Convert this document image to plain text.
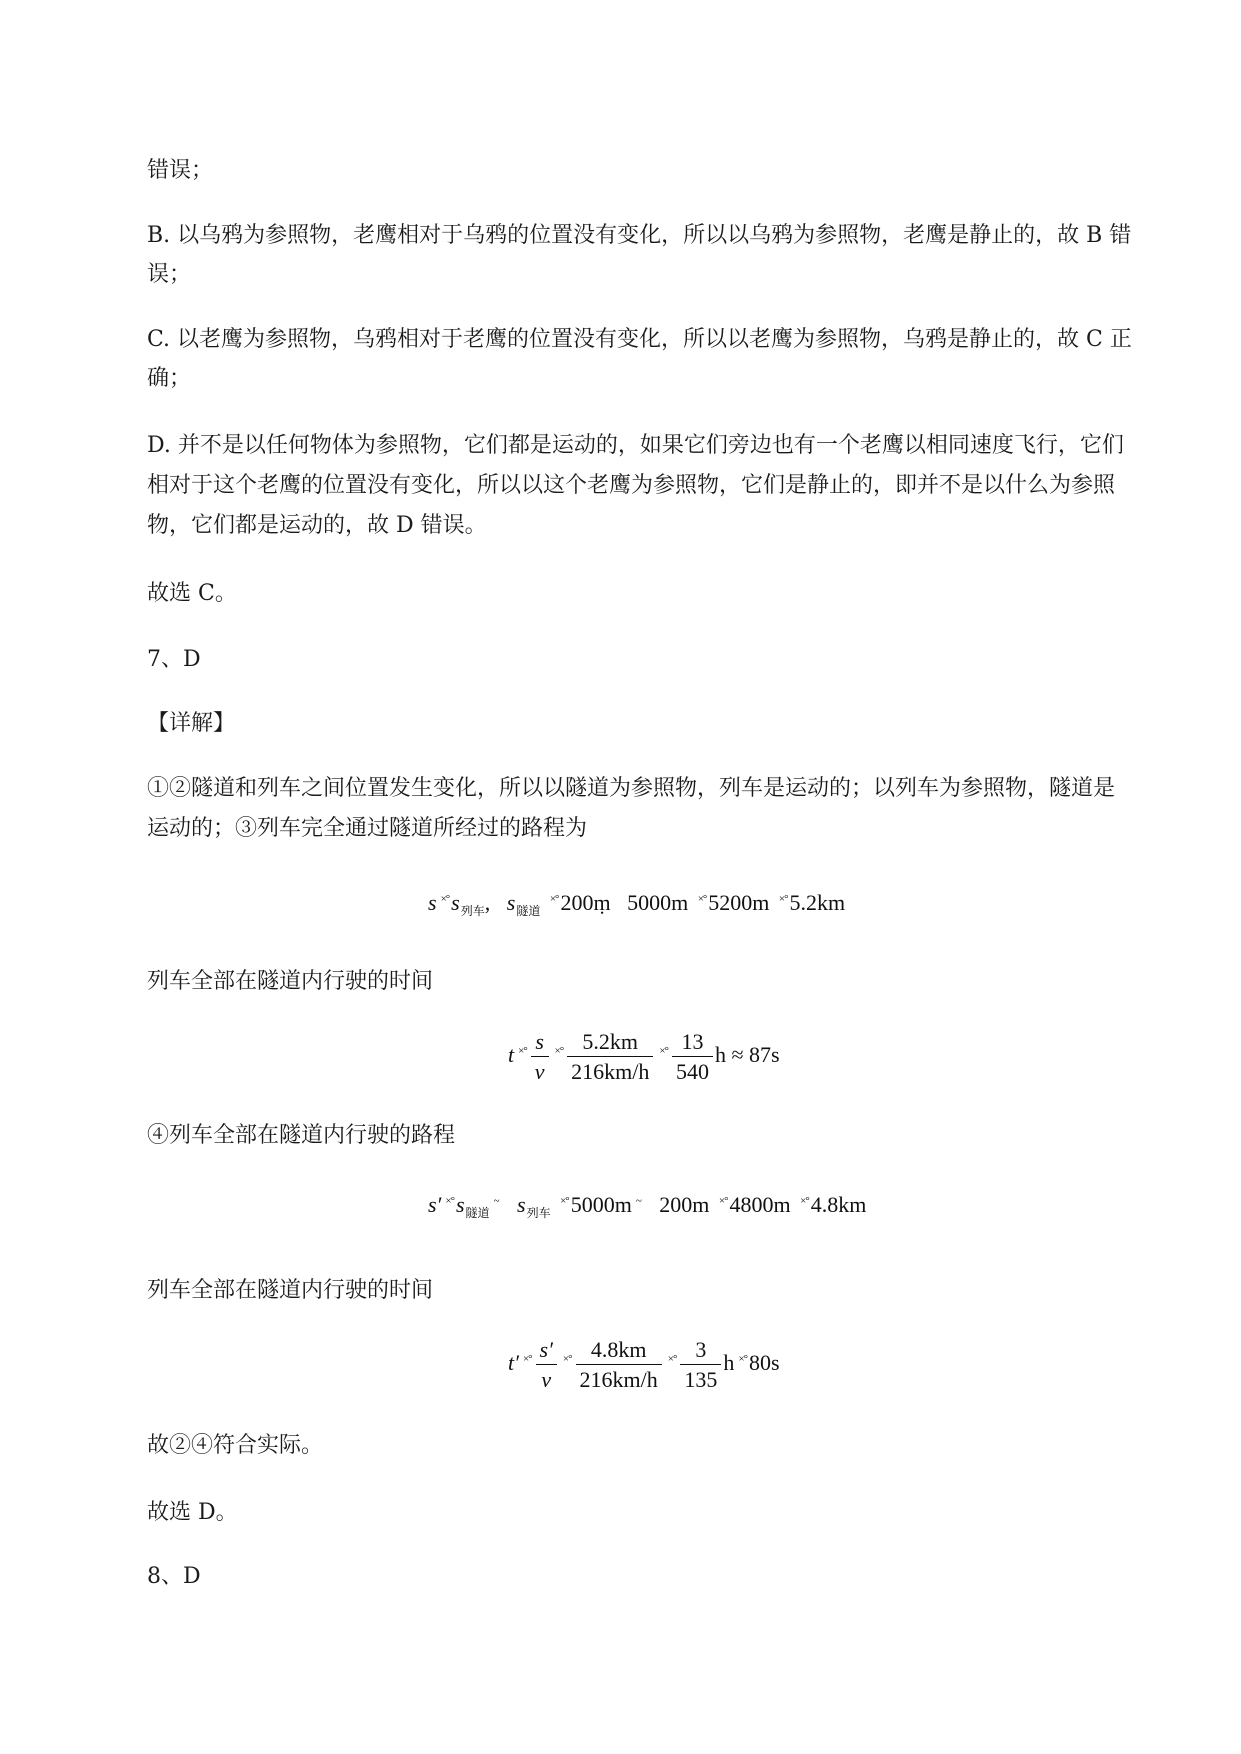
错误；
B. 以乌鸦为参照物，老鹰相对于乌鸦的位置没有变化，所以以乌鸦为参照物，老鹰是静止的，故 B 错
误；
C. 以老鹰为参照物，乌鸦相对于老鹰的位置没有变化，所以以老鹰为参照物，乌鸦是静止的，故 C 正
确；
D. 并不是以任何物体为参照物，它们都是运动的，如果它们旁边也有一个老鹰以相同速度飞行，它们
相对于这个老鹰的位置没有变化，所以以这个老鹰为参照物，它们是静止的，即并不是以什么为参照
物，它们都是运动的，故 D 错误。
故选 C。
7、D
【详解】
①②隧道和列车之间位置发生变化，所以以隧道为参照物，列车是运动的；以列车为参照物，隧道是
运动的；③列车完全通过隧道所经过的路程为
s $^{\times^\circ}s_{列车}$, $s_{隧道}$ ×°200m 5000m ×°5200m ×°5.2km
列车全部在隧道内行驶的时间
t $^{\times^\circ} \frac{s}{v} ^{\times^\circ} \frac{5.2km}{216km/h} ^{\times^\circ} \frac{13}{540}$ h ≈ 87s
④列车全部在隧道内行驶的路程
s′ $^{\times^\circ}s_{隧道}^\sim$ $s_{列车}$ ×°5000m ~ 200m ×°4800m ×°4.8km
列车全部在隧道内行驶的时间
t′ $^{\times^\circ} \frac{s'}{v} ^{\times^\circ} \frac{4.8km}{216km/h} ^{\times^\circ} \frac{3}{135}$ h ×°80s
故②④符合实际。
故选 D。
8、D
